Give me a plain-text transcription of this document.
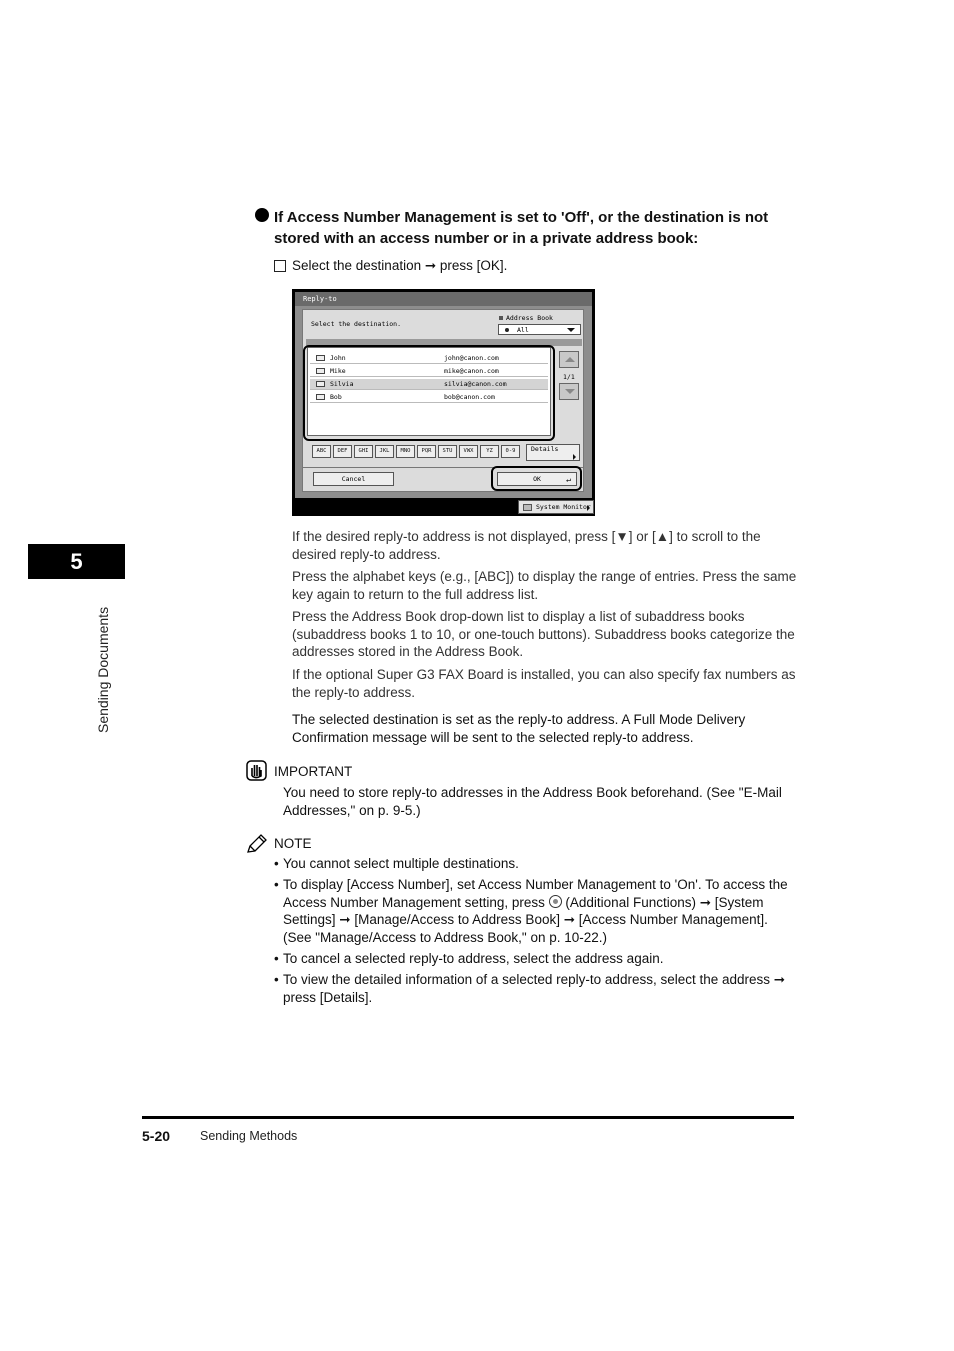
5
Sending Documents
If Access Number Management is set to 'Off', or the destination is not stored with an access number or in a private address book:
Select the destination ➞ press [OK].
Reply-to
Select the destination.
Address Book
All
John	john@canon.com
Mike	mike@canon.com
Silvia	silvia@canon.com
Bob	bob@canon.com
1/1
ABC	DEF	GHI	JKL	MNO	PQR	STU	VWX	YZ	0-9	Details
Cancel	OK	↵
System Monitor
If the desired reply-to address is not displayed, press [▼] or [▲] to scroll to the desired reply-to address.
Press the alphabet keys (e.g., [ABC]) to display the range of entries. Press the same key again to return to the full address list.
Press the Address Book drop-down list to display a list of subaddress books (subaddress books 1 to 10, or one-touch buttons). Subaddress books categorize the addresses stored in the Address Book.
If the optional Super G3 FAX Board is installed, you can also specify fax numbers as the reply-to address.
The selected destination is set as the reply-to address. A Full Mode Delivery Confirmation message will be sent to the selected reply-to address.
IMPORTANT
You need to store reply-to addresses in the Address Book beforehand. (See "E-Mail Addresses," on p. 9-5.)
NOTE
• You cannot select multiple destinations.
• To display [Access Number], set Access Number Management to 'On'. To access the Access Number Management setting, press (Additional Functions) ➞ [System Settings] ➞ [Manage/Access to Address Book] ➞ [Access Number Management]. (See "Manage/Access to Address Book," on p. 10-22.)
• To cancel a selected reply-to address, select the address again.
• To view the detailed information of a selected reply-to address, select the address ➞ press [Details].
5-20 Sending Methods
